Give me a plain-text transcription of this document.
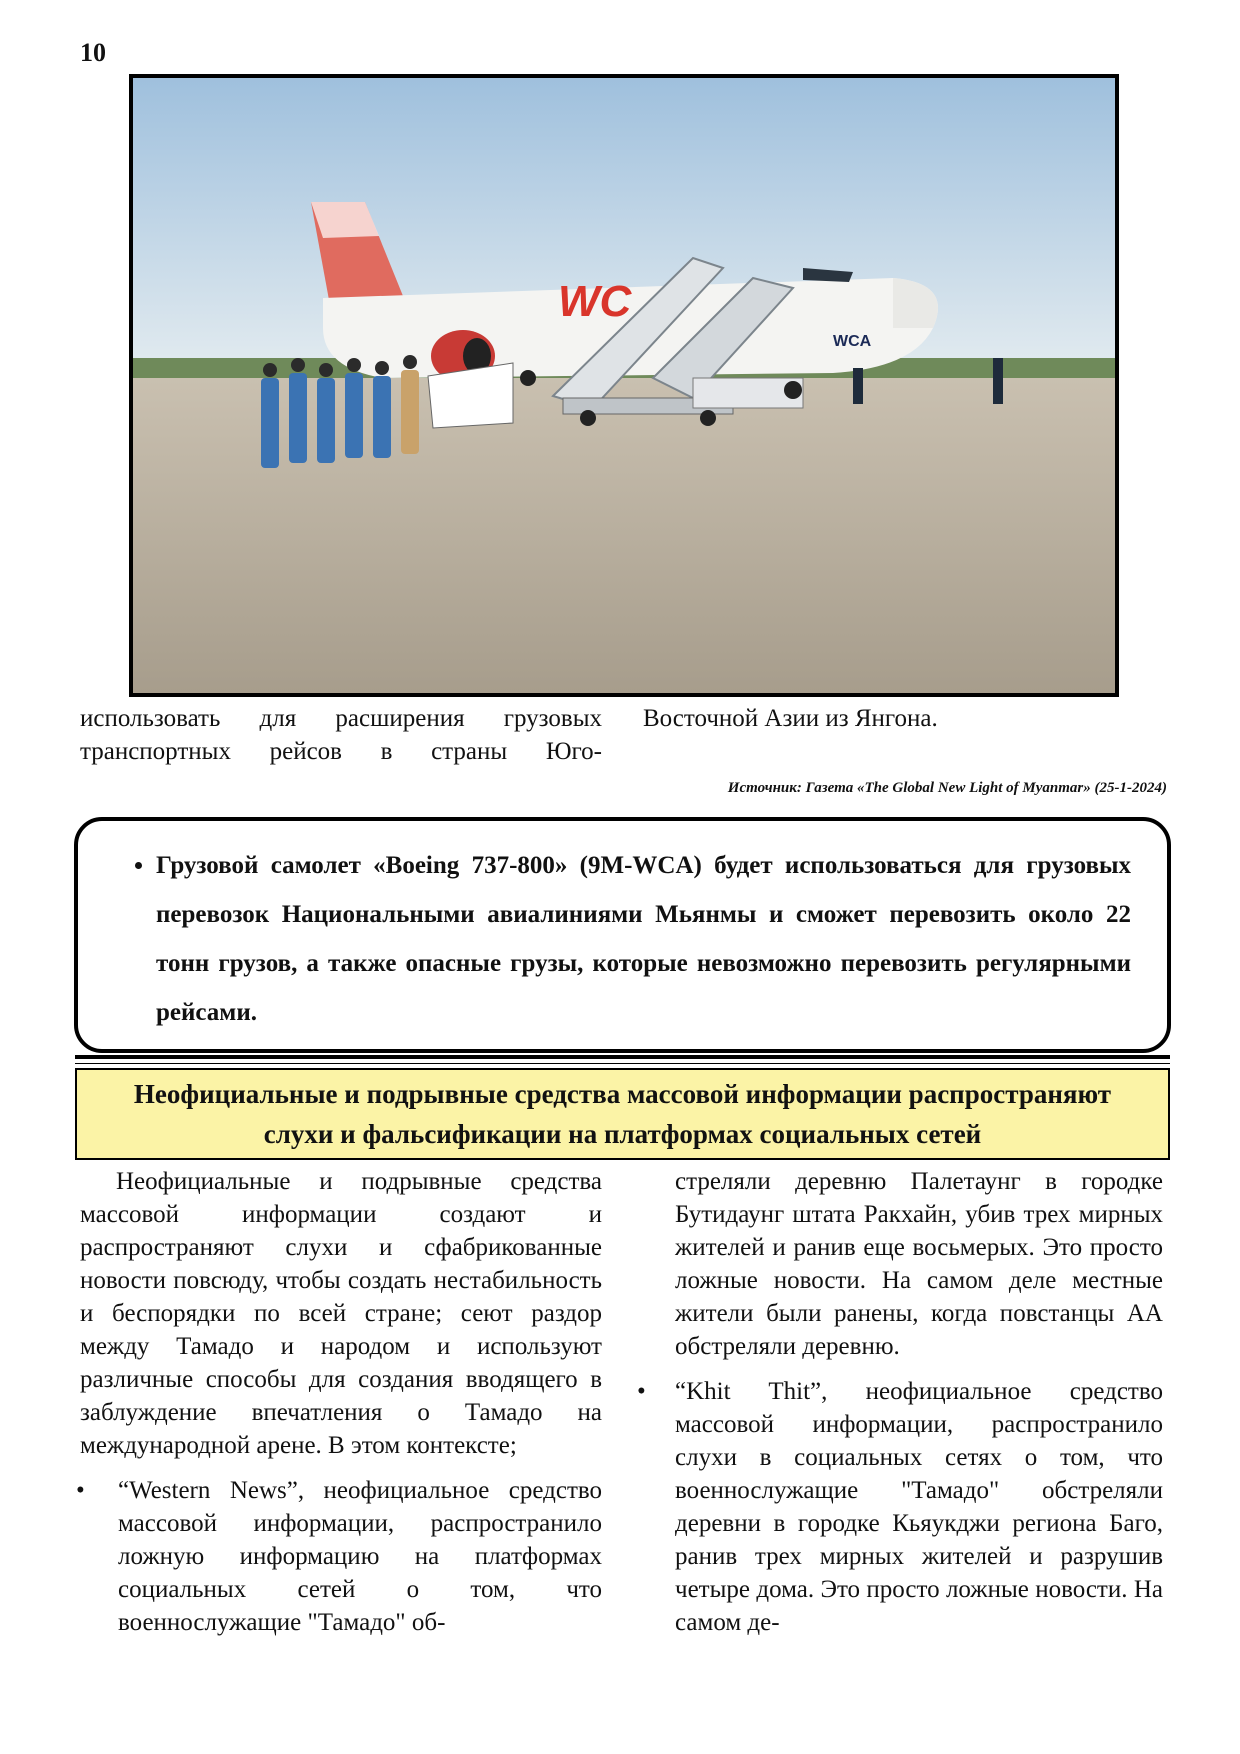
10
WC
WCA

использовать для расширения грузовых транспортных рейсов в страны Юго-

Восточной Азии из Янгона.

Источник: Газета «The Global New Light of Myanmar» (25-1-2024)
• Грузовой самолет «Boeing 737-800» (9M-WCA) будет использоваться для грузовых перевозок Национальными авиалиниями Мьянмы и сможет перевозить около 22 тонн грузов, а также опасные грузы, которые невозможно перевозить регулярными рейсами.
Неофициальные и подрывные средства массовой информации распространяют слухи и фальсификации на платформах социальных сетей

Неофициальные и подрывные средства массовой информации создают и распространяют слухи и сфабрикованные новости повсюду, чтобы создать нестабильность и беспорядки по всей стране; сеют раздор между Тамадо и народом и используют различные способы для создания вводящего в заблуждение впечатления о Тамадо на международной арене. В этом контексте;

• “Western News”, неофициальное средство массовой информации, распространило ложную информацию на платформах социальных сетей о том, что военнослужащие "Тамадо" об-

стреляли деревню Палетаунг в городке Бутидаунг штата Ракхайн, убив трех мирных жителей и ранив еще восьмерых. Это просто ложные новости. На самом деле местные жители были ранены, когда повстанцы АА обстреляли деревню.

• “Khit Thit”, неофициальное средство массовой информации, распространило слухи в социальных сетях о том, что военнослужащие "Тамадо" обстреляли деревни в городке Кьяукджи региона Баго, ранив трех мирных жителей и разрушив четыре дома. Это просто ложные новости. На самом де-
